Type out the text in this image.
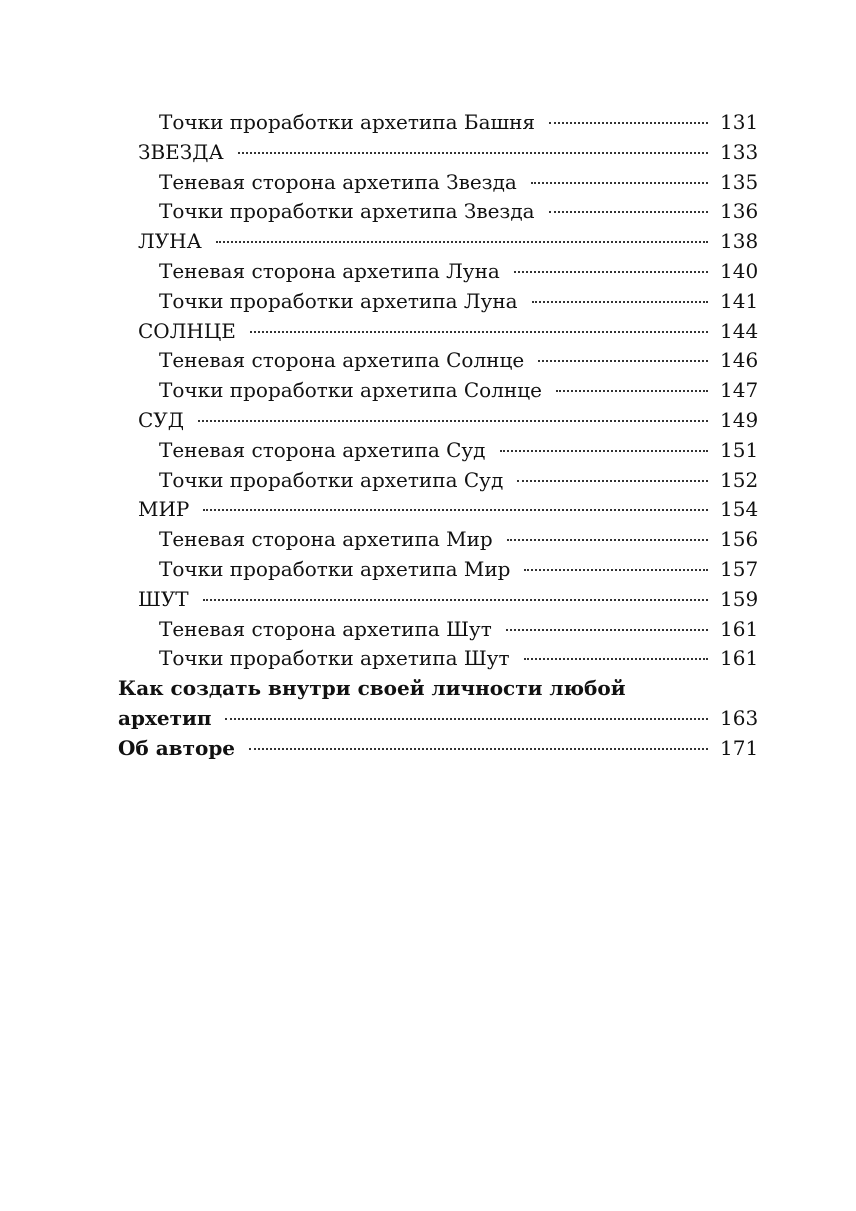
Точки проработки архетипа Башня	131
ЗВЕЗДА	133
Теневая сторона архетипа Звезда	135
Точки проработки архетипа Звезда	136
ЛУНА	138
Теневая сторона архетипа Луна	140
Точки проработки архетипа Луна	141
СОЛНЦЕ	144
Теневая сторона архетипа Солнце	146
Точки проработки архетипа Солнце	147
СУД	149
Теневая сторона архетипа Суд	151
Точки проработки архетипа Суд	152
МИР	154
Теневая сторона архетипа Мир	156
Точки проработки архетипа Мир	157
ШУТ	159
Теневая сторона архетипа Шут	161
Точки проработки архетипа Шут	161
Как создать внутри своей личности любой
архетип	163
Об авторе	171
